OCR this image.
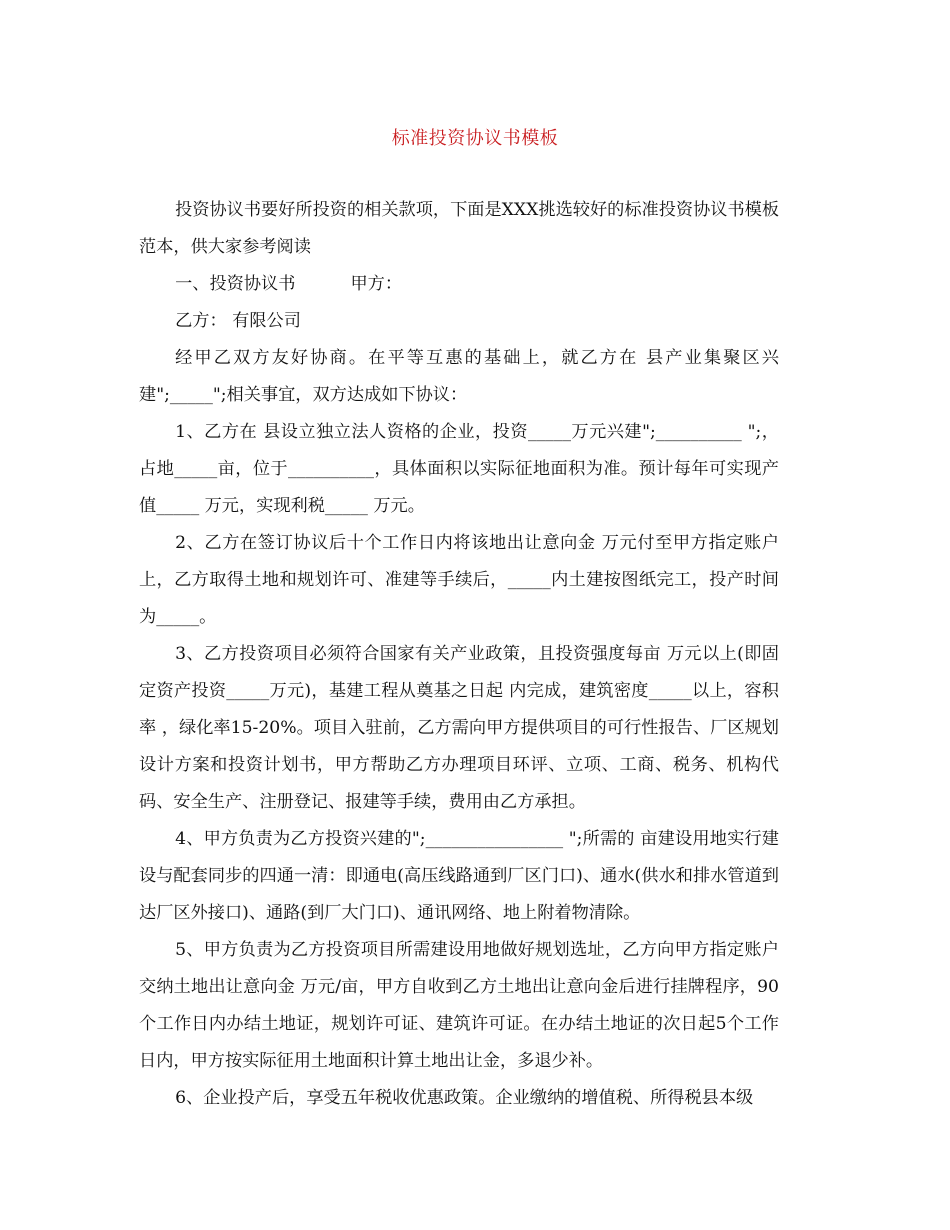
标准投资协议书模板

投资协议书要好所投资的相关款项，下面是XXX挑选较好的标准投资协议书模板范本，供大家参考阅读

一、投资协议书	甲方：

乙方： 有限公司

经甲乙双方友好协商。在平等互惠的基础上，就乙方在 县产业集聚区兴建";_____";相关事宜，双方达成如下协议：

1、乙方在 县设立独立法人资格的企业，投资_____万元兴建";__________ ";，占地_____亩，位于__________，具体面积以实际征地面积为准。预计每年可实现产值_____ 万元，实现利税_____ 万元。

2、乙方在签订协议后十个工作日内将该地出让意向金 万元付至甲方指定账户上，乙方取得土地和规划许可、准建等手续后，_____内土建按图纸完工，投产时间为_____。

3、乙方投资项目必须符合国家有关产业政策，且投资强度每亩 万元以上(即固定资产投资_____万元)，基建工程从奠基之日起 内完成，建筑密度_____以上，容积率 ，绿化率15-20%。项目入驻前，乙方需向甲方提供项目的可行性报告、厂区规划设计方案和投资计划书，甲方帮助乙方办理项目环评、立项、工商、税务、机构代码、安全生产、注册登记、报建等手续，费用由乙方承担。

4、甲方负责为乙方投资兴建的";________________ ";所需的 亩建设用地实行建设与配套同步的四通一清：即通电(高压线路通到厂区门口)、通水(供水和排水管道到达厂区外接口)、通路(到厂大门口)、通讯网络、地上附着物清除。

5、甲方负责为乙方投资项目所需建设用地做好规划选址，乙方向甲方指定账户交纳土地出让意向金 万元/亩，甲方自收到乙方土地出让意向金后进行挂牌程序，90个工作日内办结土地证，规划许可证、建筑许可证。在办结土地证的次日起5个工作日内，甲方按实际征用土地面积计算土地出让金，多退少补。

6、企业投产后，享受五年税收优惠政策。企业缴纳的增值税、所得税县本级
